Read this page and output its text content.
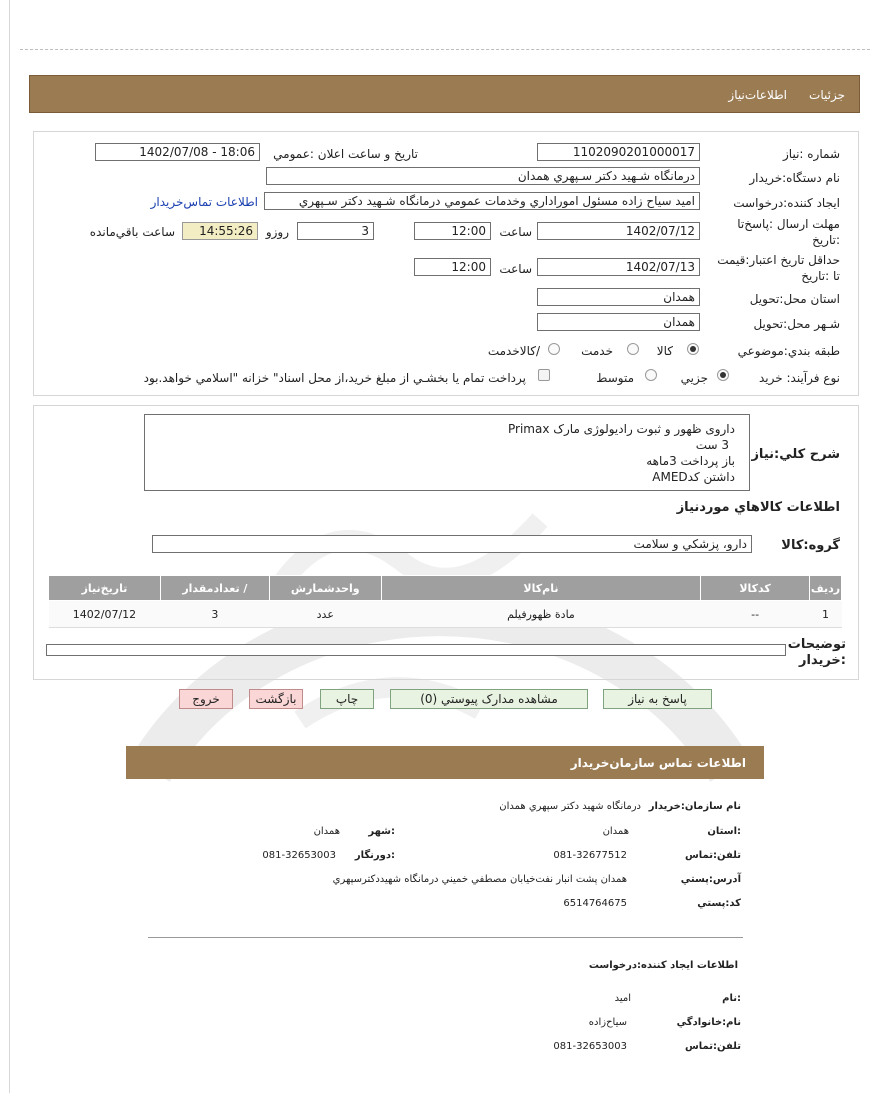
جزئیات
اطلاعات‌نیاز
شماره :نیاز
1102090201000017
تاریخ و ساعت اعلان :عمومي
1402/07/08 - 18:06
نام دستگاه:خريدار
درمانگاه شـهيد دکتر سـپهري همدان
ايجاد کننده:درخواست
اميد سياح زاده مسئول اموراداري وخدمات عمومي درمانگاه شـهيد دکتر سـپهري
اطلاعات تماس‌خريدار
مهلت ارسال :پاسخ‌تا
:تاريخ
1402/07/12
ساعت
12:00
3
روزو
14:55:26
ساعت باقي‌مانده
حداقل تاريخ اعتبار:قيمت
تا :تاريخ
1402/07/13
ساعت
12:00
استان محل:تحويل
همدان
شـهر محل:تحويل
همدان
طبقه بندي:موضوعي
کالا
خدمت
/کالاخدمت
نوع فرآيند: خريد
جزيي
متوسط
پرداخت تمام يا بخشـي از مبلغ خريد،از محل اسناد" خزانه "اسلامي خواهد.بود
شرح کلي:نياز
داروی ظهور و ثبوت راديولوژی مارک Primax
3 ست
باز پرداخت 3ماهه
داشتن کدAMED
اطلاعات کالاهاي موردنياز
گروه:کالا
دارو، پزشکي و سلامت
رديف	کدکالا	نام‌کالا	واحدشمارش	/ تعدادمقدار	تاريخ‌نياز
1	--	مادة ظهورفیلم	عدد	3	1402/07/12
توضيحات
:خريدار
پاسخ به نياز
مشاهده مدارک پيوستي (0)
چاپ
بازگشت
خروج
اطلاعات تماس سازمان‌خريدار
نام سازمان:خريدار
درمانگاه شهيد دکتر سپهري همدان
:استان
همدان
:شهر
همدان
تلفن:تماس
081-32677512
:دورنگار
081-32653003
آدرس:پستي
همدان پشت انبار نفت‌خيابان مصطفي خميني درمانگاه شهيددکترسپهري
کد:پستي
6514764675
اطلاعات ايجاد کننده:درخواست
:نام
اميد
نام:خانوادگي
سياح‌زاده
تلفن:تماس
081-32653003
